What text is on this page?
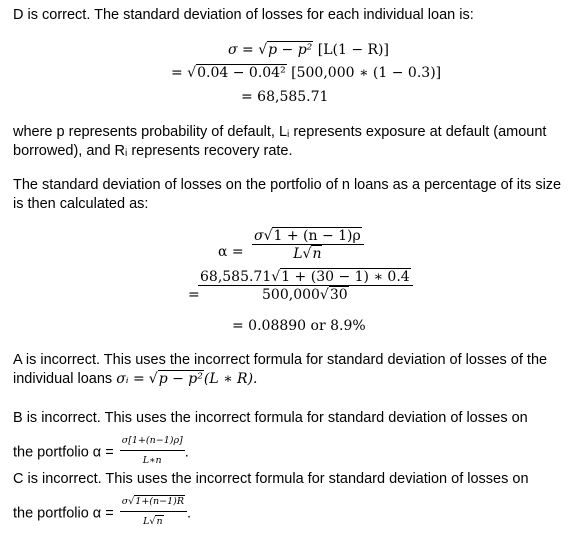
D is correct. The standard deviation of losses for each individual loan is:
σ = √p − p² [L(1 − R)]
= √0.04 − 0.04² [500,000 ∗ (1 − 0.3)]
= 68,585.71
where p represents probability of default, Lᵢ represents exposure at default (amount borrowed), and Rᵢ represents recovery rate.
The standard deviation of losses on the portfolio of n loans as a percentage of its size is then calculated as:
$\alpha = \frac{\sigma√1 + (n - 1)\rho}{L√n}$
=
$\frac{68,585.71√1 + (30 - 1) ∗ 0.4}{500,000√30}$
= 0.08890 or 8.9%
A is incorrect. This uses the incorrect formula for standard deviation of losses of the individual loans σᵢ = √p − p²(L ∗ R).
B is incorrect. This uses the incorrect formula for standard deviation of losses on
the portfolio $\alpha = \frac{\sigma[1+(n-1)\rho]}{L∗n}$ .
C is incorrect. This uses the incorrect formula for standard deviation of losses on
the portfolio $\alpha = \frac{\sigma√1+(n-1)R}{L√n}$ .
